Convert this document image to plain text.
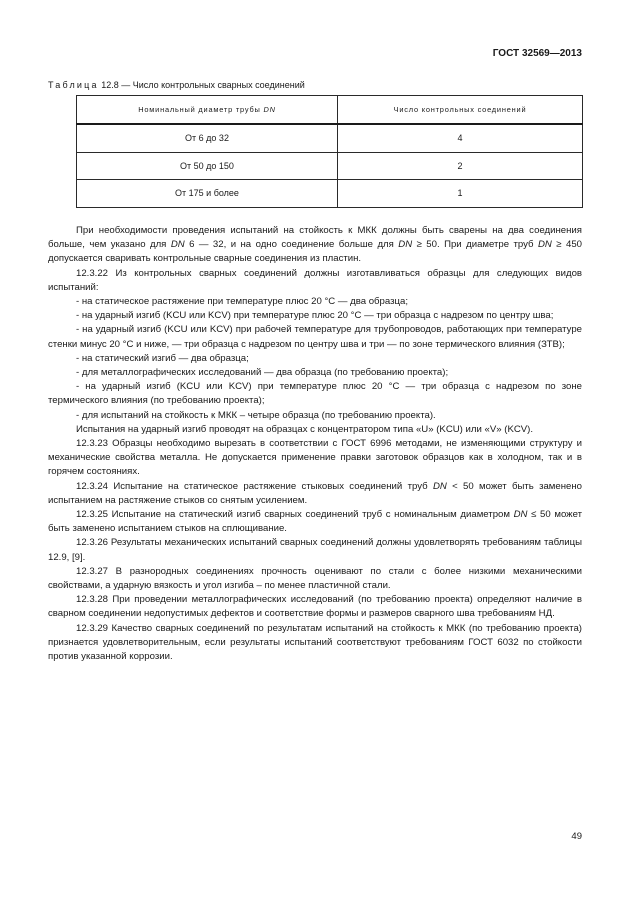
ГОСТ 32569—2013
Таблица 12.8 — Число контрольных сварных соединений
Номинальный диаметр трубы DN	Число контрольных соединений
От 6 до 32	4
От 50 до 150	2
От 175 и более	1

При необходимости проведения испытаний на стойкость к МКК должны быть сварены на два соединения больше, чем указано для DN 6 — 32, и на одно соединение больше для DN ≥ 50. При диаметре труб DN ≥ 450 допускается сваривать контрольные сварные соединения из пластин.

12.3.22 Из контрольных сварных соединений должны изготавливаться образцы для следующих видов испытаний:

- на статическое растяжение при температуре плюс 20 °С — два образца;

- на ударный изгиб (KCU или KCV) при температуре плюс 20 °С — три образца с надрезом по центру шва;

- на ударный изгиб (KCU или KCV) при рабочей температуре для трубопроводов, работающих при температуре стенки минус 20 °С и ниже, — три образца с надрезом по центру шва и три — по зоне термического влияния (ЗТВ);

- на статический изгиб — два образца;

- для металлографических исследований — два образца (по требованию проекта);

- на ударный изгиб (KCU или KCV) при температуре плюс 20 °С — три образца с надрезом по зоне термического влияния (по требованию проекта);

- для испытаний на стойкость к МКК – четыре образца (по требованию проекта).

Испытания на ударный изгиб проводят на образцах с концентратором типа «U» (KCU) или «V» (KCV).

12.3.23 Образцы необходимо вырезать в соответствии с ГОСТ 6996 методами, не изменяющими структуру и механические свойства металла. Не допускается применение правки заготовок образцов как в холодном, так и в горячем состояниях.

12.3.24 Испытание на статическое растяжение стыковых соединений труб DN < 50 может быть заменено испытанием на растяжение стыков со снятым усилением.

12.3.25 Испытание на статический изгиб сварных соединений труб с номинальным диаметром DN ≤ 50 может быть заменено испытанием стыков на сплющивание.

12.3.26 Результаты механических испытаний сварных соединений должны удовлетворять требованиям таблицы 12.9, [9].

12.3.27 В разнородных соединениях прочность оценивают по стали с более низкими механическими свойствами, а ударную вязкость и угол изгиба – по менее пластичной стали.

12.3.28 При проведении металлографических исследований (по требованию проекта) определяют наличие в сварном соединении недопустимых дефектов и соответствие формы и размеров сварного шва требованиям НД.

12.3.29 Качество сварных соединений по результатам испытаний на стойкость к МКК (по требованию проекта) признается удовлетворительным, если результаты испытаний соответствуют требованиям ГОСТ 6032 по стойкости против указанной коррозии.

49
